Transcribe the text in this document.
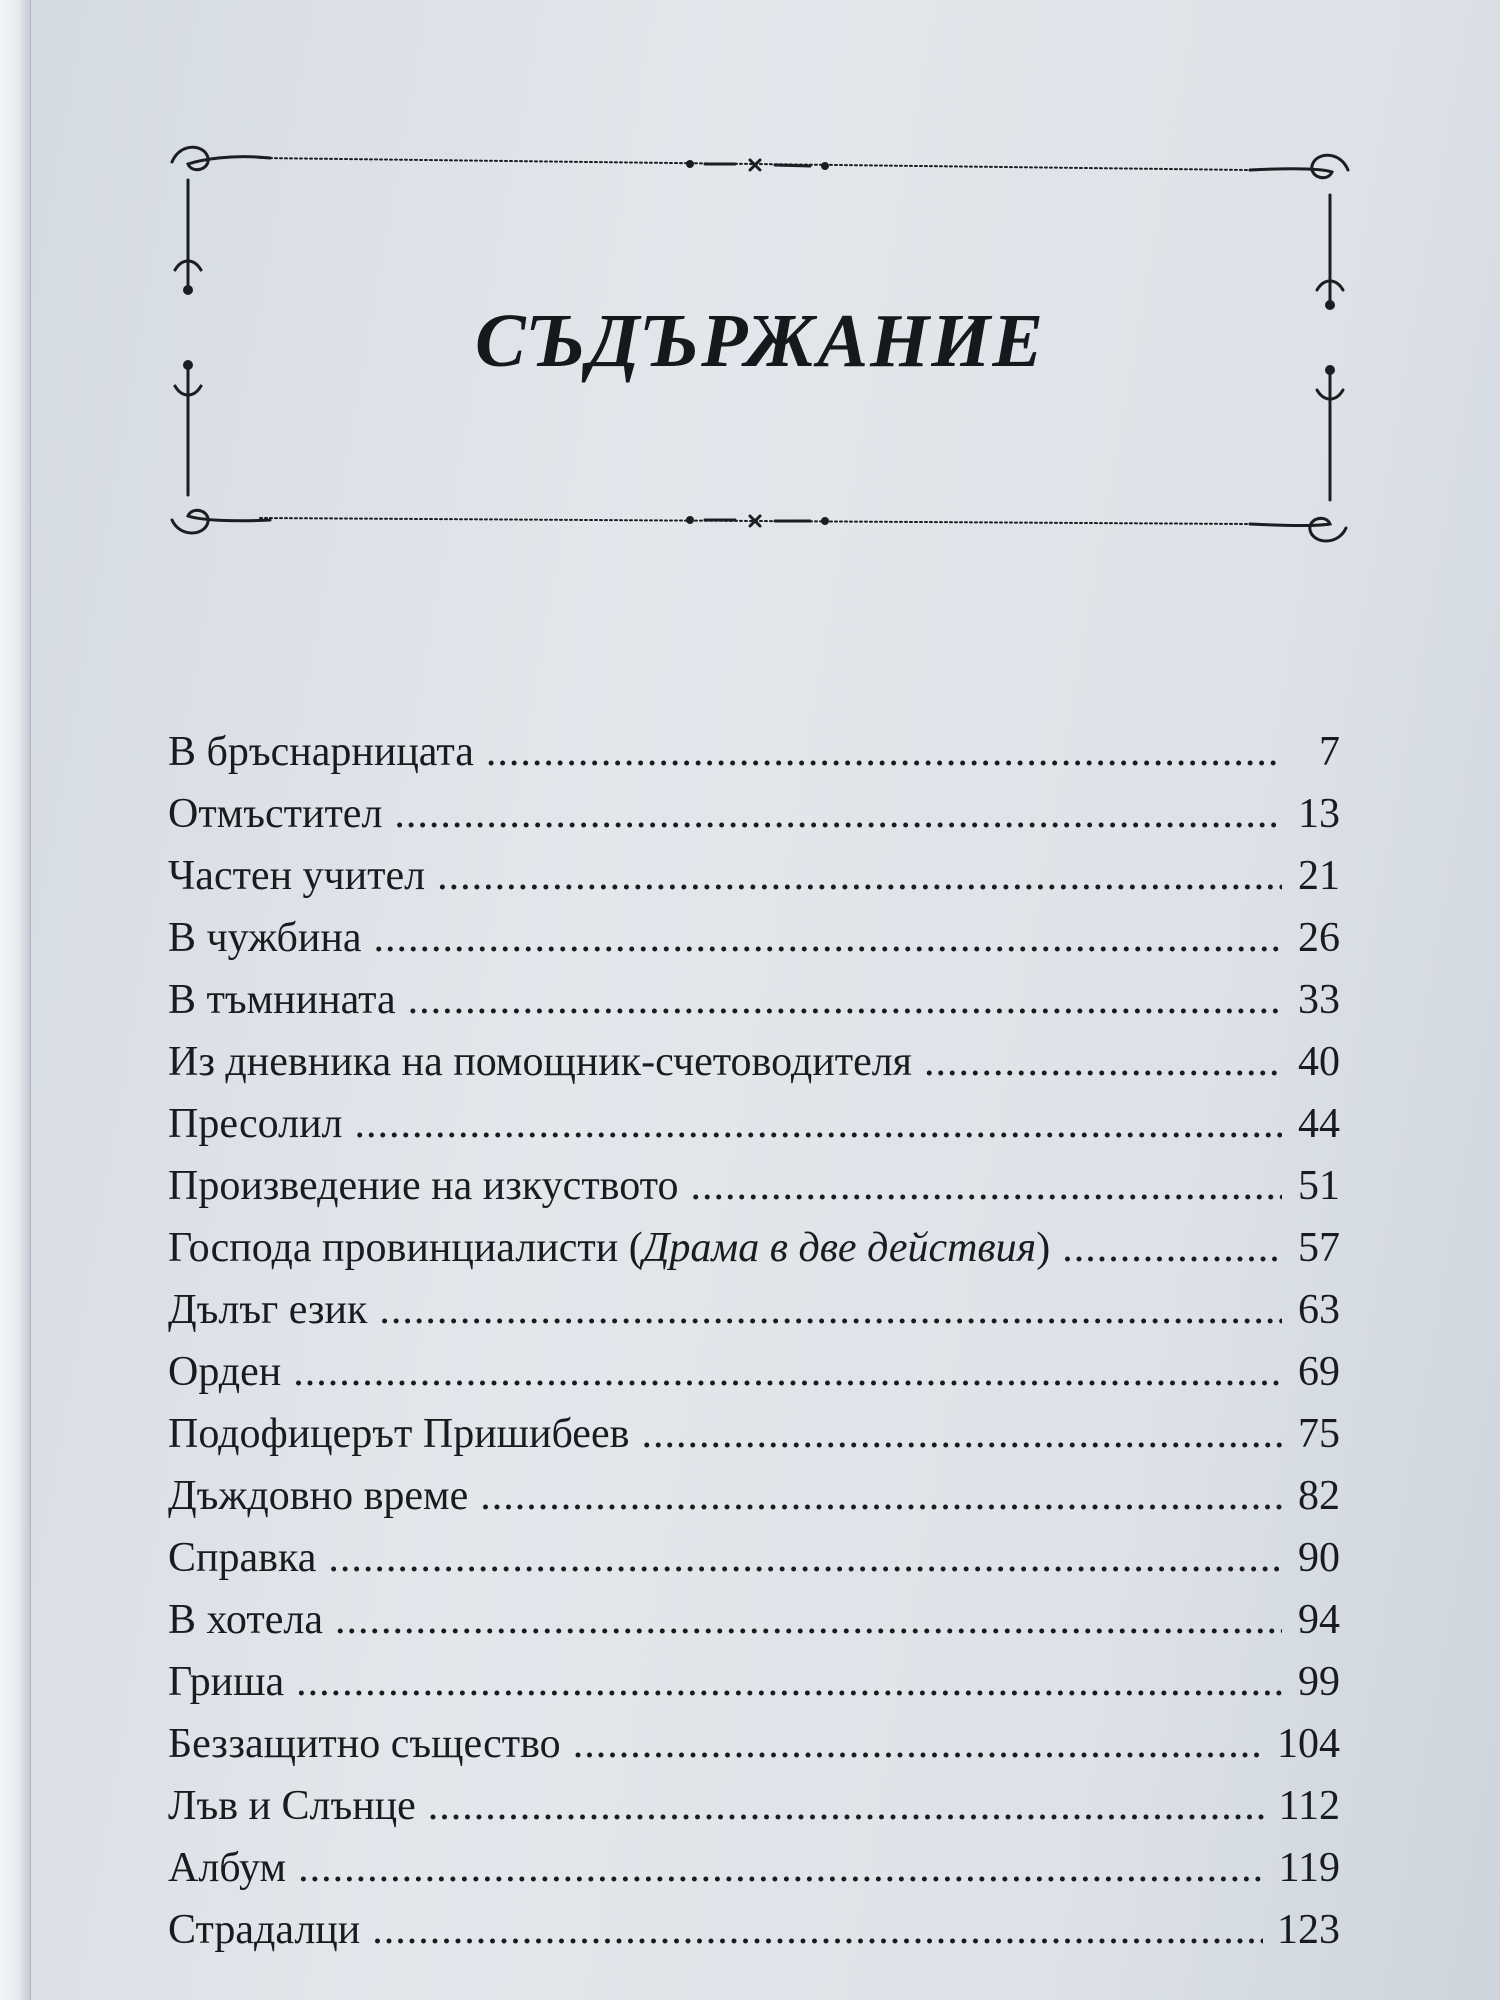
СЪДЪРЖАНИЕ
В бръснарницата .....	7
Отмъстител .....	13
Частен учител .....	21
В чужбина .....	26
В тъмнината .....	33
Из дневника на помощник-счетоводителя .....	40
Пресолил .....	44
Произведение на изкуството .....	51
Господа провинциалисти (Драма в две действия) .....	57
Дълъг език .....	63
Орден .....	69
Подофицерът Пришибеев .....	75
Дъждовно време .....	82
Справка .....	90
В хотела .....	94
Гриша .....	99
Беззащитно същество .....	104
Лъв и Слънце .....	112
Албум .....	119
Страдалци .....	123
